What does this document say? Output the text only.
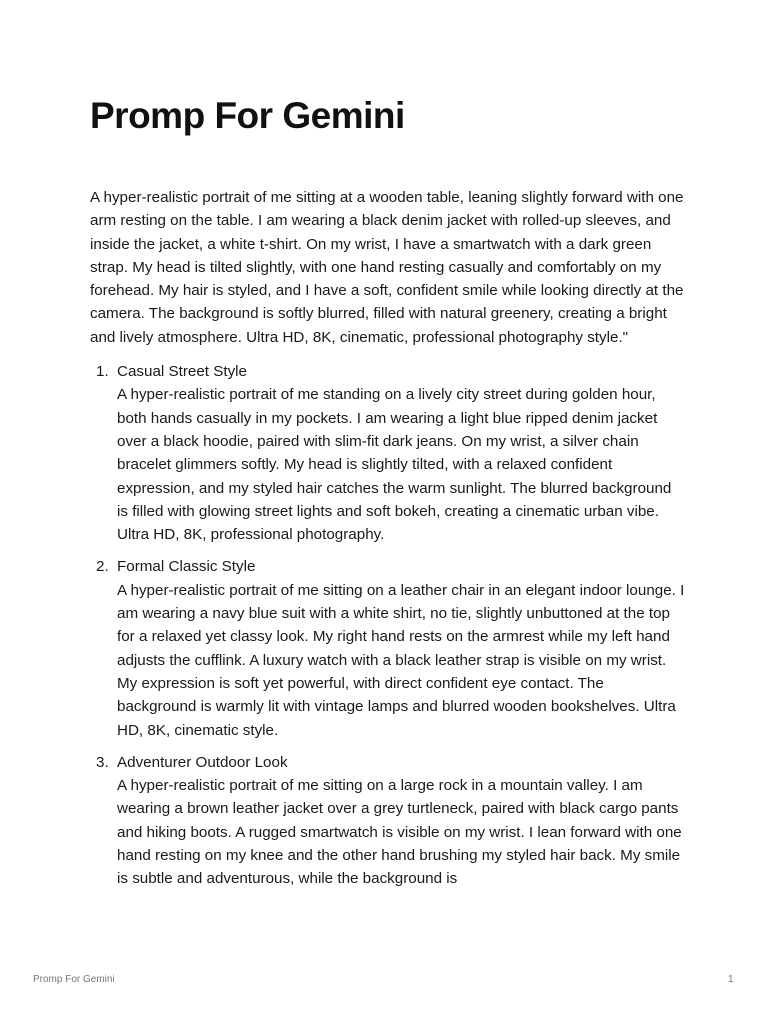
Promp For Gemini

A hyper-realistic portrait of me sitting at a wooden table, leaning slightly forward with one arm resting on the table. I am wearing a black denim jacket with rolled-up sleeves, and inside the jacket, a white t-shirt. On my wrist, I have a smartwatch with a dark green strap. My head is tilted slightly, with one hand resting casually and comfortably on my forehead. My hair is styled, and I have a soft, confident smile while looking directly at the camera. The background is softly blurred, filled with natural greenery, creating a bright and lively atmosphere. Ultra HD, 8K, cinematic, professional photography style."

1. Casual Street Style
A hyper-realistic portrait of me standing on a lively city street during golden hour, both hands casually in my pockets. I am wearing a light blue ripped denim jacket over a black hoodie, paired with slim-fit dark jeans. On my wrist, a silver chain bracelet glimmers softly. My head is slightly tilted, with a relaxed confident expression, and my styled hair catches the warm sunlight. The blurred background is filled with glowing street lights and soft bokeh, creating a cinematic urban vibe. Ultra HD, 8K, professional photography.
2. Formal Classic Style
A hyper-realistic portrait of me sitting on a leather chair in an elegant indoor lounge. I am wearing a navy blue suit with a white shirt, no tie, slightly unbuttoned at the top for a relaxed yet classy look. My right hand rests on the armrest while my left hand adjusts the cufflink. A luxury watch with a black leather strap is visible on my wrist. My expression is soft yet powerful, with direct confident eye contact. The background is warmly lit with vintage lamps and blurred wooden bookshelves. Ultra HD, 8K, cinematic style.
3. Adventurer Outdoor Look
A hyper-realistic portrait of me sitting on a large rock in a mountain valley. I am wearing a brown leather jacket over a grey turtleneck, paired with black cargo pants and hiking boots. A rugged smartwatch is visible on my wrist. I lean forward with one hand resting on my knee and the other hand brushing my styled hair back. My smile is subtle and adventurous, while the background is
Promp For Gemini	1
